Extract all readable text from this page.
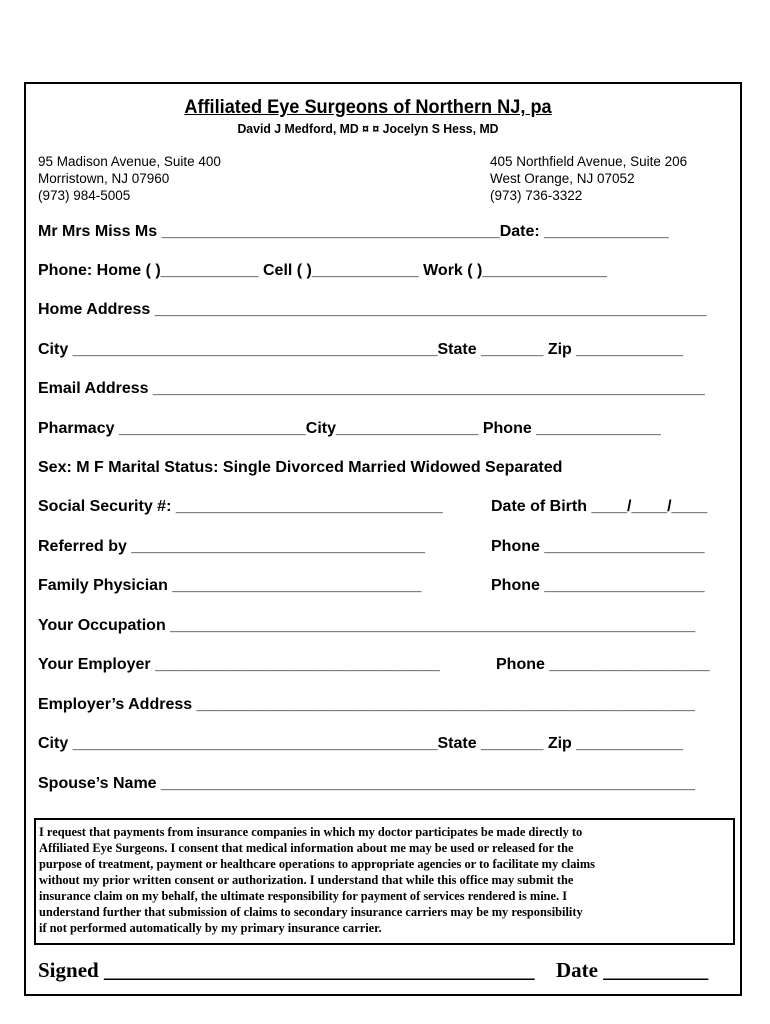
Affiliated Eye Surgeons of Northern NJ, pa
David J Medford, MD ¤ ¤ Jocelyn S Hess, MD
95 Madison Avenue, Suite 400
Morristown, NJ 07960
(973) 984-5005
405 Northfield Avenue, Suite 206
West Orange, NJ 07052
(973) 736-3322
Mr Mrs Miss Ms ______________________________________Date: ______________
Phone: Home ( )___________ Cell ( )____________ Work ( )______________
Home Address ______________________________________________________________
City _________________________________________State _______ Zip ____________
Email Address ______________________________________________________________
Pharmacy _____________________City________________ Phone ______________
Sex: M F Marital Status: Single Divorced Married Widowed Separated
Social Security #: ______________________________	Date of Birth ____/____/____
Referred by _________________________________	Phone __________________
Family Physician ____________________________	Phone __________________
Your Occupation ___________________________________________________________
Your Employer ________________________________	Phone __________________
Employer’s Address ________________________________________________________
City _________________________________________State _______ Zip ____________
Spouse’s Name ____________________________________________________________
I request that payments from insurance companies in which my doctor participates be made directly to
Affiliated Eye Surgeons. I consent that medical information about me may be used or released for the
purpose of treatment, payment or healthcare operations to appropriate agencies or to facilitate my claims
without my prior written consent or authorization. I understand that while this office may submit the
insurance claim on my behalf, the ultimate responsibility for payment of services rendered is mine. I
understand further that submission of claims to secondary insurance carriers may be my responsibility
if not performed automatically by my primary insurance carrier.
Signed _________________________________________ Date __________
